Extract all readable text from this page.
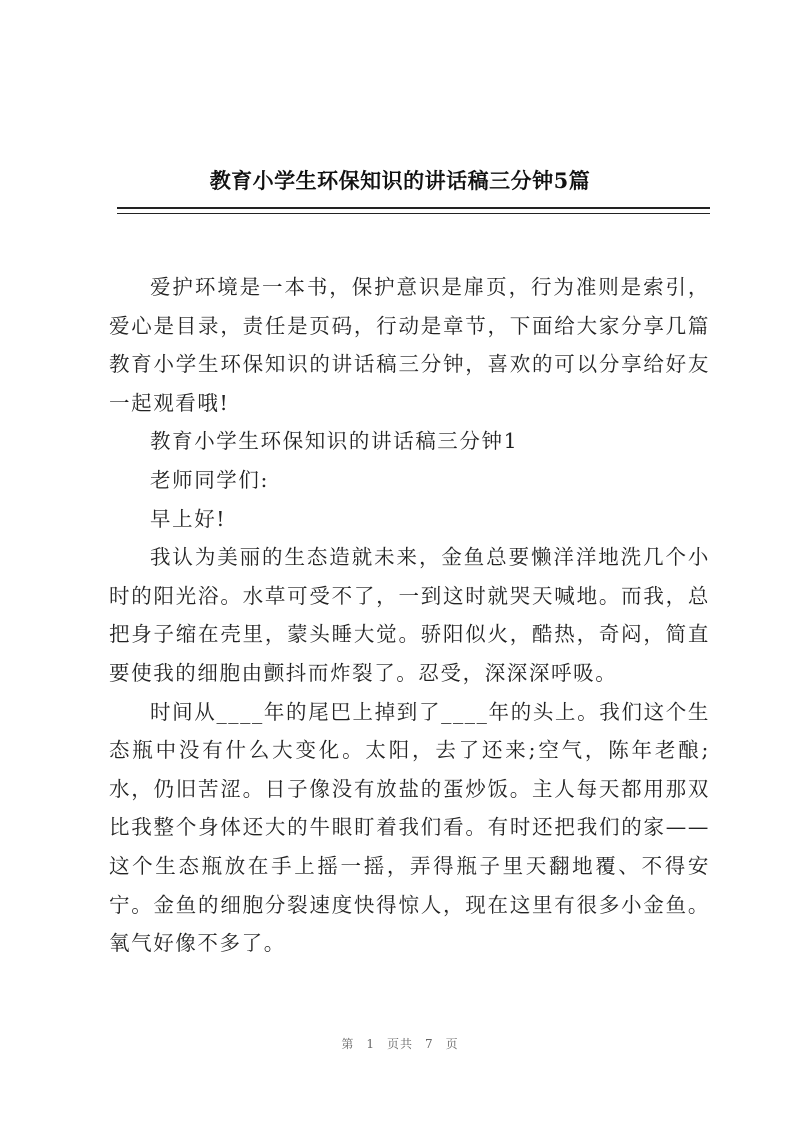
教育小学生环保知识的讲话稿三分钟5篇

爱护环境是一本书，保护意识是扉页，行为准则是索引，爱心是目录，责任是页码，行动是章节，下面给大家分享几篇教育小学生环保知识的讲话稿三分钟，喜欢的可以分享给好友一起观看哦!

教育小学生环保知识的讲话稿三分钟1

老师同学们:

早上好!

我认为美丽的生态造就未来，金鱼总要懒洋洋地洗几个小时的阳光浴。水草可受不了，一到这时就哭天喊地。而我，总把身子缩在壳里，蒙头睡大觉。骄阳似火，酷热，奇闷，简直要使我的细胞由颤抖而炸裂了。忍受，深深深呼吸。

时间从____年的尾巴上掉到了____年的头上。我们这个生态瓶中没有什么大变化。太阳，去了还来;空气，陈年老酿;水，仍旧苦涩。日子像没有放盐的蛋炒饭。主人每天都用那双比我整个身体还大的牛眼盯着我们看。有时还把我们的家——这个生态瓶放在手上摇一摇，弄得瓶子里天翻地覆、不得安宁。金鱼的细胞分裂速度快得惊人，现在这里有很多小金鱼。氧气好像不多了。

第 1 页共 7 页
